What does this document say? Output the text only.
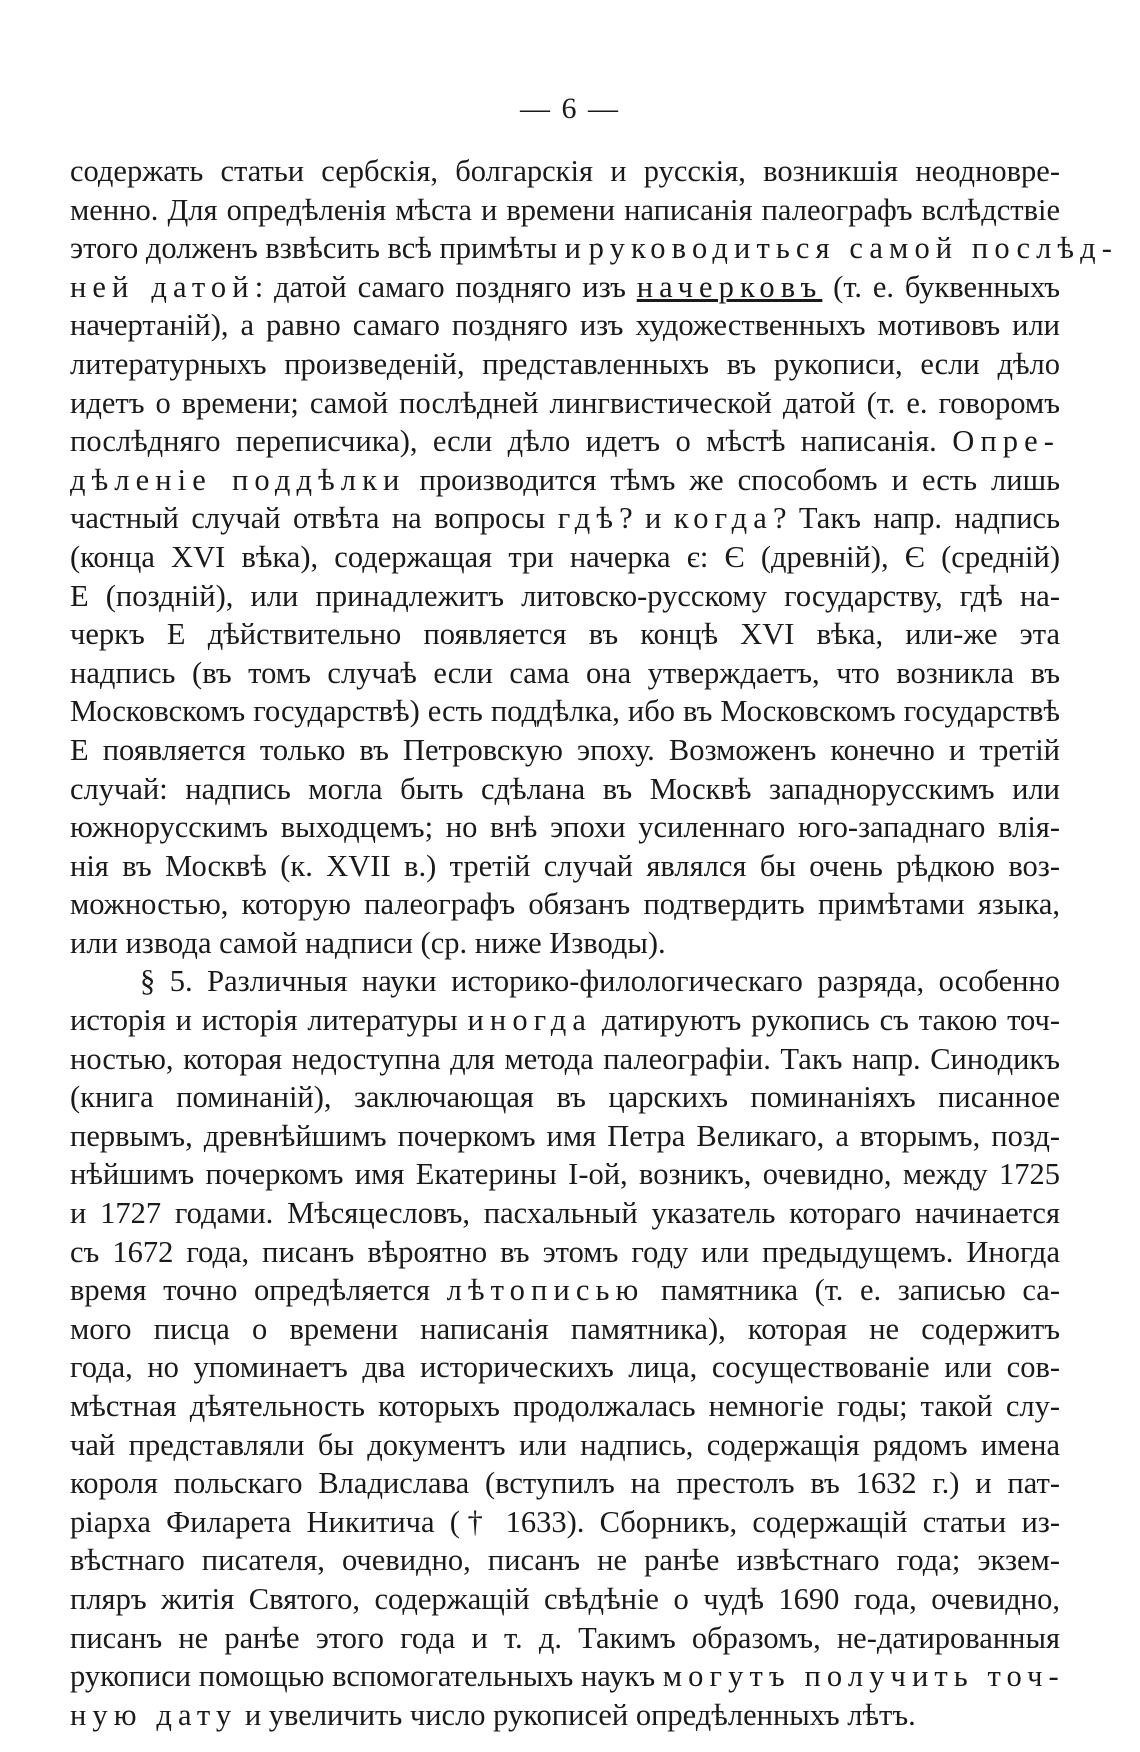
— 6 —
содержать статьи сербскія, болгарскія и русскія, возникшія неодновре-
менно. Для опредѣленія мѣста и времени написанія палеографъ вслѣдствіе
этого долженъ взвѣсить всѣ примѣты и руководиться самой послѣд-
ней датой: датой самаго поздняго изъ начерковъ (т. е. буквенныхъ
начертаній), а равно самаго поздняго изъ художественныхъ мотивовъ или
литературныхъ произведеній, представленныхъ въ рукописи, если дѣло
идетъ о времени; самой послѣдней лингвистической датой (т. е. говоромъ
послѣдняго переписчика), если дѣло идетъ о мѣстѣ написанія. Опре-
дѣленіе поддѣлки производится тѣмъ же способомъ и есть лишь
частный случай отвѣта на вопросы гдѣ? и когда? Такъ напр. надпись
(конца XVI вѣка), содержащая три начерка є: Є (древній), Є (средній)
Е (поздній), или принадлежитъ литовско-русскому государству, гдѣ на-
черкъ Е дѣйствительно появляется въ концѣ XVI вѣка, или-же эта
надпись (въ томъ случаѣ если сама она утверждаетъ, что возникла въ
Московскомъ государствѣ) есть поддѣлка, ибо въ Московскомъ государствѣ
Е появляется только въ Петровскую эпоху. Возможенъ конечно и третій
случай: надпись могла быть сдѣлана въ Москвѣ западнорусскимъ или
южнорусскимъ выходцемъ; но внѣ эпохи усиленнаго юго-западнаго влія-
нія въ Москвѣ (к. XVII в.) третій случай являлся бы очень рѣдкою воз-
можностью, которую палеографъ обязанъ подтвердить примѣтами языка,
или извода самой надписи (ср. ниже Изводы).
§ 5. Различныя науки историко-филологическаго разряда, особенно
исторія и исторія литературы иногда датируютъ рукопись съ такою точ-
ностью, которая недоступна для метода палеографіи. Такъ напр. Синодикъ
(книга поминаній), заключающая въ царскихъ поминаніяхъ писанное
первымъ, древнѣйшимъ почеркомъ имя Петра Великаго, а вторымъ, позд-
нѣйшимъ почеркомъ имя Екатерины I-ой, возникъ, очевидно, между 1725
и 1727 годами. Мѣсяцесловъ, пасхальный указатель котораго начинается
съ 1672 года, писанъ вѣроятно въ этомъ году или предыдущемъ. Иногда
время точно опредѣляется лѣтописью памятника (т. е. записью са-
мого писца о времени написанія памятника), которая не содержитъ
года, но упоминаетъ два историческихъ лица, сосуществованіе или сов-
мѣстная дѣятельность которыхъ продолжалась немногіе годы; такой слу-
чай представляли бы документъ или надпись, содержащія рядомъ имена
короля польскаго Владислава (вступилъ на престолъ въ 1632 г.) и пат-
ріарха Филарета Никитича († 1633). Сборникъ, содержащій статьи из-
вѣстнаго писателя, очевидно, писанъ не ранѣе извѣстнаго года; экзем-
пляръ житія Святого, содержащій свѣдѣніе о чудѣ 1690 года, очевидно,
писанъ не ранѣе этого года и т. д. Такимъ образомъ, не-датированныя
рукописи помощью вспомогательныхъ наукъ могутъ получить точ-
ную дату и увеличить число рукописей опредѣленныхъ лѣтъ.
